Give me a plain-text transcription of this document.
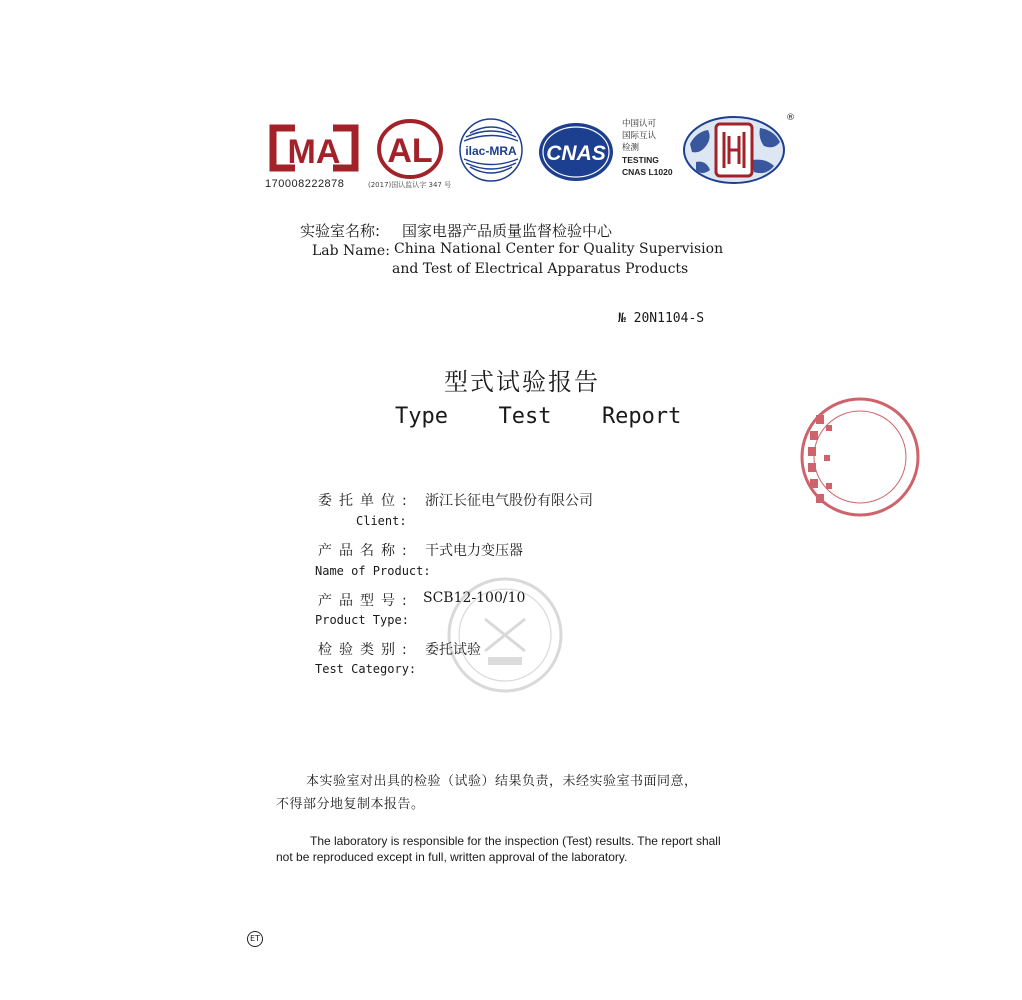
MA
170008222878
AL
(2017)国认监认字 347 号
ilac-MRA CNAS
中国认可
国际互认
检测
TESTING
CNAS L1020
®
实验室名称: 国家电器产品质量监督检验中心
Lab Name: China National Center for Quality Supervision
and Test of Electrical Apparatus Products
№ 20N1104-S
型式试验报告
Type  Test  Report
委托单位: 浙江长征电气股份有限公司
Client:
产品名称: 干式电力变压器
Name of Product:
产品型号: SCB12-100/10
Product Type:
检验类别: 委托试验
Test Category:
本实验室对出具的检验（试验）结果负责，未经实验室书面同意，
不得部分地复制本报告。
The laboratory is responsible for the inspection (Test) results. The report shall
not be reproduced except in full, written approval of the laboratory.
ET
